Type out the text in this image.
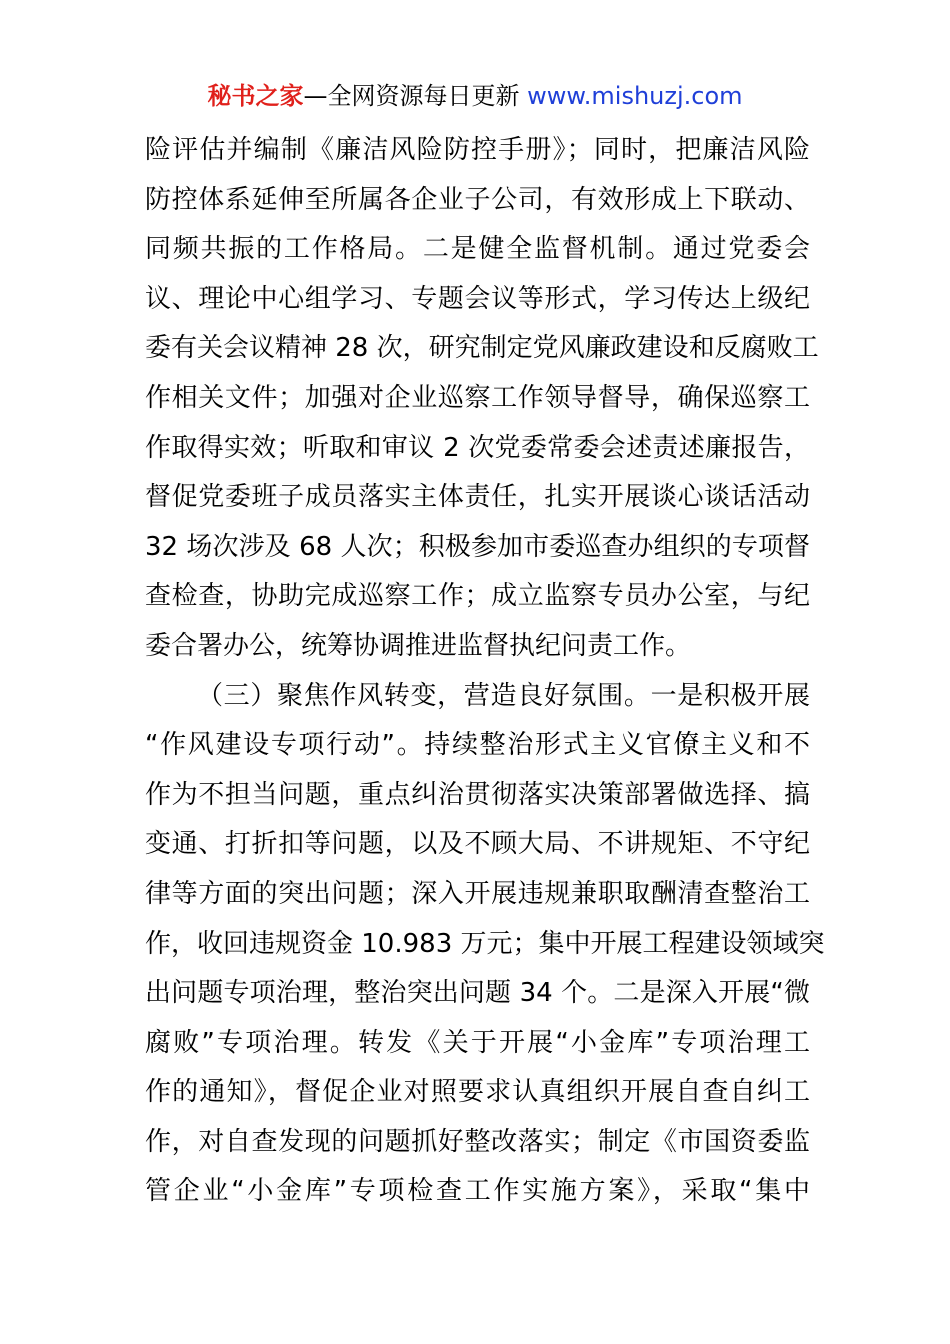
秘书之家—全网资源每日更新 www.mishuzj.com
险评估并编制《廉洁风险防控手册》；同时，把廉洁风险
防控体系延伸至所属各企业子公司，有效形成上下联动、
同频共振的工作格局。二是健全监督机制。通过党委会
议、理论中心组学习、专题会议等形式，学习传达上级纪
委有关会议精神 28 次，研究制定党风廉政建设和反腐败工
作相关文件；加强对企业巡察工作领导督导，确保巡察工
作取得实效；听取和审议 2 次党委常委会述责述廉报告，
督促党委班子成员落实主体责任，扎实开展谈心谈话活动
32 场次涉及 68 人次；积极参加市委巡查办组织的专项督
查检查，协助完成巡察工作；成立监察专员办公室，与纪
委合署办公，统筹协调推进监督执纪问责工作。
（三）聚焦作风转变，营造良好氛围。一是积极开展
“作风建设专项行动”。持续整治形式主义官僚主义和不
作为不担当问题，重点纠治贯彻落实决策部署做选择、搞
变通、打折扣等问题，以及不顾大局、不讲规矩、不守纪
律等方面的突出问题；深入开展违规兼职取酬清查整治工
作，收回违规资金 10.983 万元；集中开展工程建设领域突
出问题专项治理，整治突出问题 34 个。二是深入开展“微
腐败”专项治理。转发《关于开展“小金库”专项治理工
作的通知》，督促企业对照要求认真组织开展自查自纠工
作，对自查发现的问题抓好整改落实；制定《市国资委监
管企业“小金库”专项检查工作实施方案》，采取“集中
